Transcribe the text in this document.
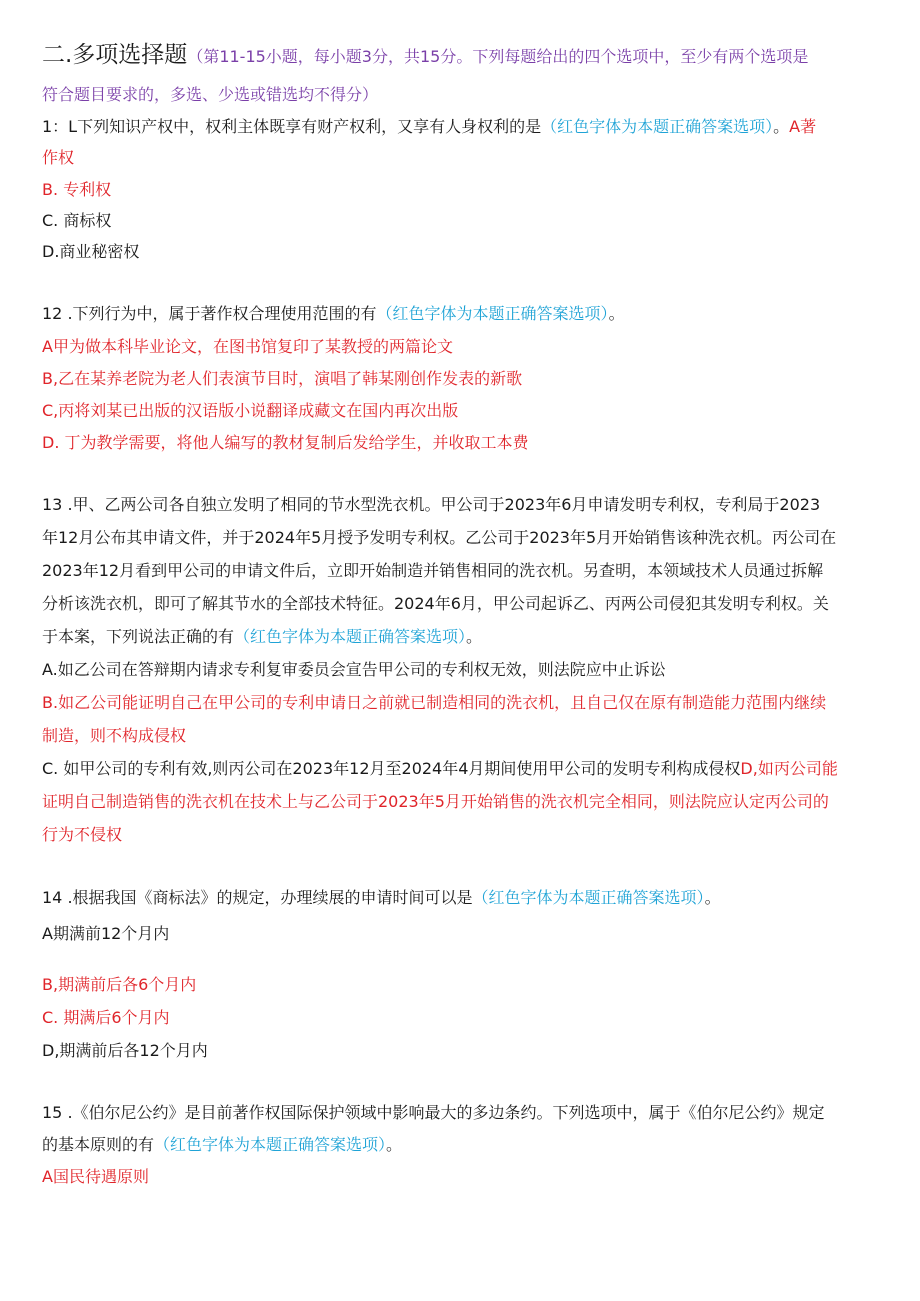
二.多项选择题（第11-15小题，每小题3分，共15分。下列每题给出的四个选项中，至少有两个选项是
符合题目要求的，多选、少选或错选均不得分）
1：L下列知识产权中，权利主体既享有财产权利，又享有人身权利的是（红色字体为本题正确答案选项）。A著
作权
B. 专利权
C. 商标权
D.商业秘密权
12 .下列行为中，属于著作权合理使用范围的有（红色字体为本题正确答案选项）。
A甲为做本科毕业论文，在图书馆复印了某教授的两篇论文
B,乙在某养老院为老人们表演节目时，演唱了韩某刚创作发表的新歌
C,丙将刘某已出版的汉语版小说翻译成藏文在国内再次出版
D. 丁为教学需要，将他人编写的教材复制后发给学生，并收取工本费
13 .甲、乙两公司各自独立发明了相同的节水型洗衣机。甲公司于2023年6月申请发明专利权，专利局于2023
年12月公布其申请文件，并于2024年5月授予发明专利权。乙公司于2023年5月开始销售该种洗衣机。丙公司在
2023年12月看到甲公司的申请文件后，立即开始制造并销售相同的洗衣机。另查明，本领域技术人员通过拆解
分析该洗衣机，即可了解其节水的全部技术特征。2024年6月，甲公司起诉乙、丙两公司侵犯其发明专利权。关
于本案，下列说法正确的有（红色字体为本题正确答案选项）。
A.如乙公司在答辩期内请求专利复审委员会宣告甲公司的专利权无效，则法院应中止诉讼
B.如乙公司能证明自己在甲公司的专利申请日之前就已制造相同的洗衣机，且自己仅在原有制造能力范围内继续
制造，则不构成侵权
C. 如甲公司的专利有效,则丙公司在2023年12月至2024年4月期间使用甲公司的发明专利构成侵权D,如丙公司能
证明自己制造销售的洗衣机在技术上与乙公司于2023年5月开始销售的洗衣机完全相同，则法院应认定丙公司的
行为不侵权
14 .根据我国《商标法》的规定，办理续展的申请时间可以是（红色字体为本题正确答案选项）。
A期满前12个月内
B,期满前后各6个月内
C. 期满后6个月内
D,期满前后各12个月内
15 .《伯尔尼公约》是目前著作权国际保护领域中影响最大的多边条约。下列选项中，属于《伯尔尼公约》规定
的基本原则的有（红色字体为本题正确答案选项）。
A国民待遇原则
